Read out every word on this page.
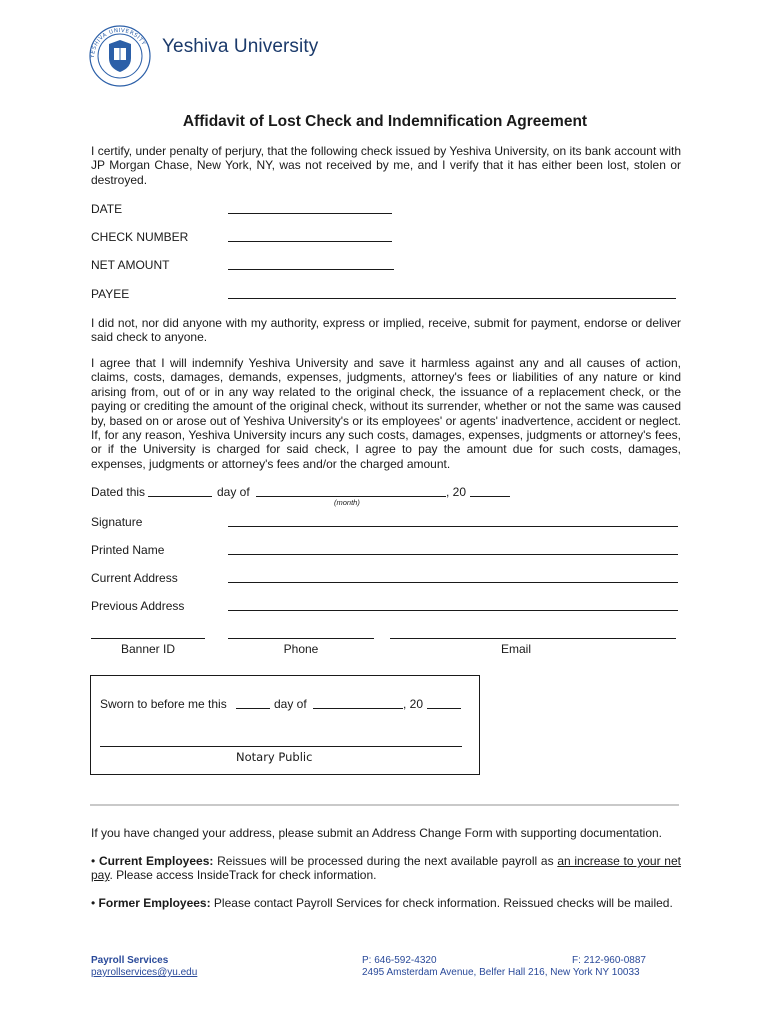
YESHIVA UNIVERSITY Yeshiva University
Affidavit of Lost Check and Indemnification Agreement
I certify, under penalty of perjury, that the following check issued by Yeshiva University, on its bank account with JP Morgan Chase, New York, NY, was not received by me, and I verify that it has either been lost, stolen or destroyed.
DATE
CHECK NUMBER
NET AMOUNT
PAYEE
I did not, nor did anyone with my authority, express or implied, receive, submit for payment, endorse or deliver said check to anyone.
I agree that I will indemnify Yeshiva University and save it harmless against any and all causes of action, claims, costs, damages, demands, expenses, judgments, attorney's fees or liabilities of any nature or kind arising from, out of or in any way related to the original check, the issuance of a replacement check, or the paying or crediting the amount of the original check, without its surrender, whether or not the same was caused by, based on or arose out of Yeshiva University's or its employees' or agents' inadvertence, accident or neglect. If, for any reason, Yeshiva University incurs any such costs, damages, expenses, judgments or attorney's fees, or if the University is charged for said check, I agree to pay the amount due for such costs, damages, expenses, judgments or attorney's fees and/or the charged amount.
Dated this	day of	, 20
(month)
Signature
Printed Name
Current Address
Previous Address
Banner ID	Phone	Email
Sworn to before me this	day of	, 20
Notary Public
If you have changed your address, please submit an Address Change Form with supporting documentation.
• Current Employees: Reissues will be processed during the next available payroll as an increase to your net pay. Please access InsideTrack for check information.
• Former Employees: Please contact Payroll Services for check information. Reissued checks will be mailed.
Payroll Services
payrollservices@yu.edu
P: 646-592-4320	F: 212-960-0887
2495 Amsterdam Avenue, Belfer Hall 216, New York NY 10033
